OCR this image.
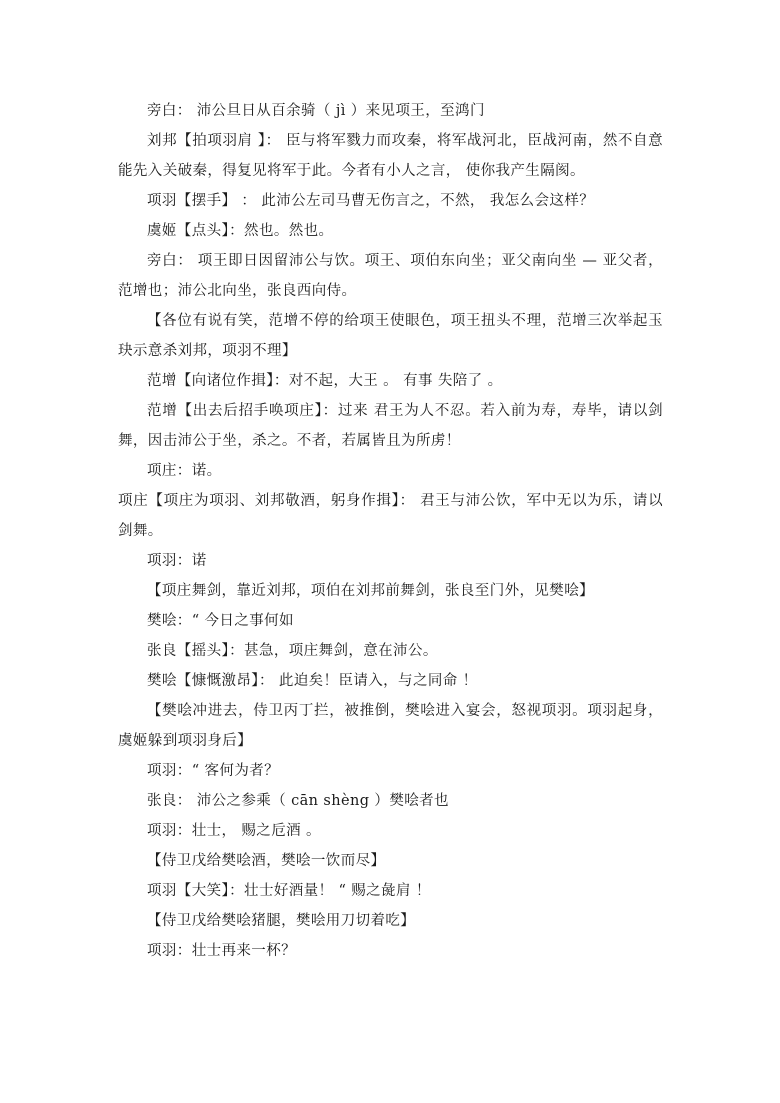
旁白： 沛公旦日从百余骑（ jì ）来见项王，至鸿门

刘邦【拍项羽肩 】： 臣与将军戮力而攻秦，将军战河北，臣战河南，然不自意能先入关破秦，得复见将军于此。今者有小人之言， 使你我产生隔阂。

项羽【摆手】 ： 此沛公左司马曹无伤言之，不然， 我怎么会这样？

虞姬【点头】：然也。然也。

旁白： 项王即日因留沛公与饮。项王、项伯东向坐；亚父南向坐 — 亚父者，范增也；沛公北向坐，张良西向侍。

【各位有说有笑，范增不停的给项王使眼色，项王扭头不理，范增三次举起玉玦示意杀刘邦，项羽不理】

范增【向诸位作揖】：对不起，大王 。 有事 失陪了 。

范增【出去后招手唤项庄】：过来 君王为人不忍。若入前为寿，寿毕，请以剑舞，因击沛公于坐，杀之。不者，若属皆且为所虏！

项庄：诺。

项庄【项庄为项羽、刘邦敬酒，躬身作揖】： 君王与沛公饮，军中无以为乐，请以剑舞。

项羽：诺

【项庄舞剑，靠近刘邦，项伯在刘邦前舞剑，张良至门外，见樊哙】

樊哙：“ 今日之事何如

张良【摇头】：甚急，项庄舞剑，意在沛公。

樊哙【慷慨激昂】： 此迫矣！臣请入，与之同命 ！

【樊哙冲进去，侍卫丙丁拦，被推倒，樊哙进入宴会，怒视项羽。项羽起身，虞姬躲到项羽身后】

项羽：“ 客何为者？

张良： 沛公之参乘（ cān shèng ）樊哙者也

项羽：壮士， 赐之卮酒 。

【侍卫戊给樊哙酒，樊哙一饮而尽】

项羽【大笑】：壮士好酒量！ “ 赐之彘肩 ！

【侍卫戊给樊哙猪腿，樊哙用刀切着吃】

项羽：壮士再来一杯？
